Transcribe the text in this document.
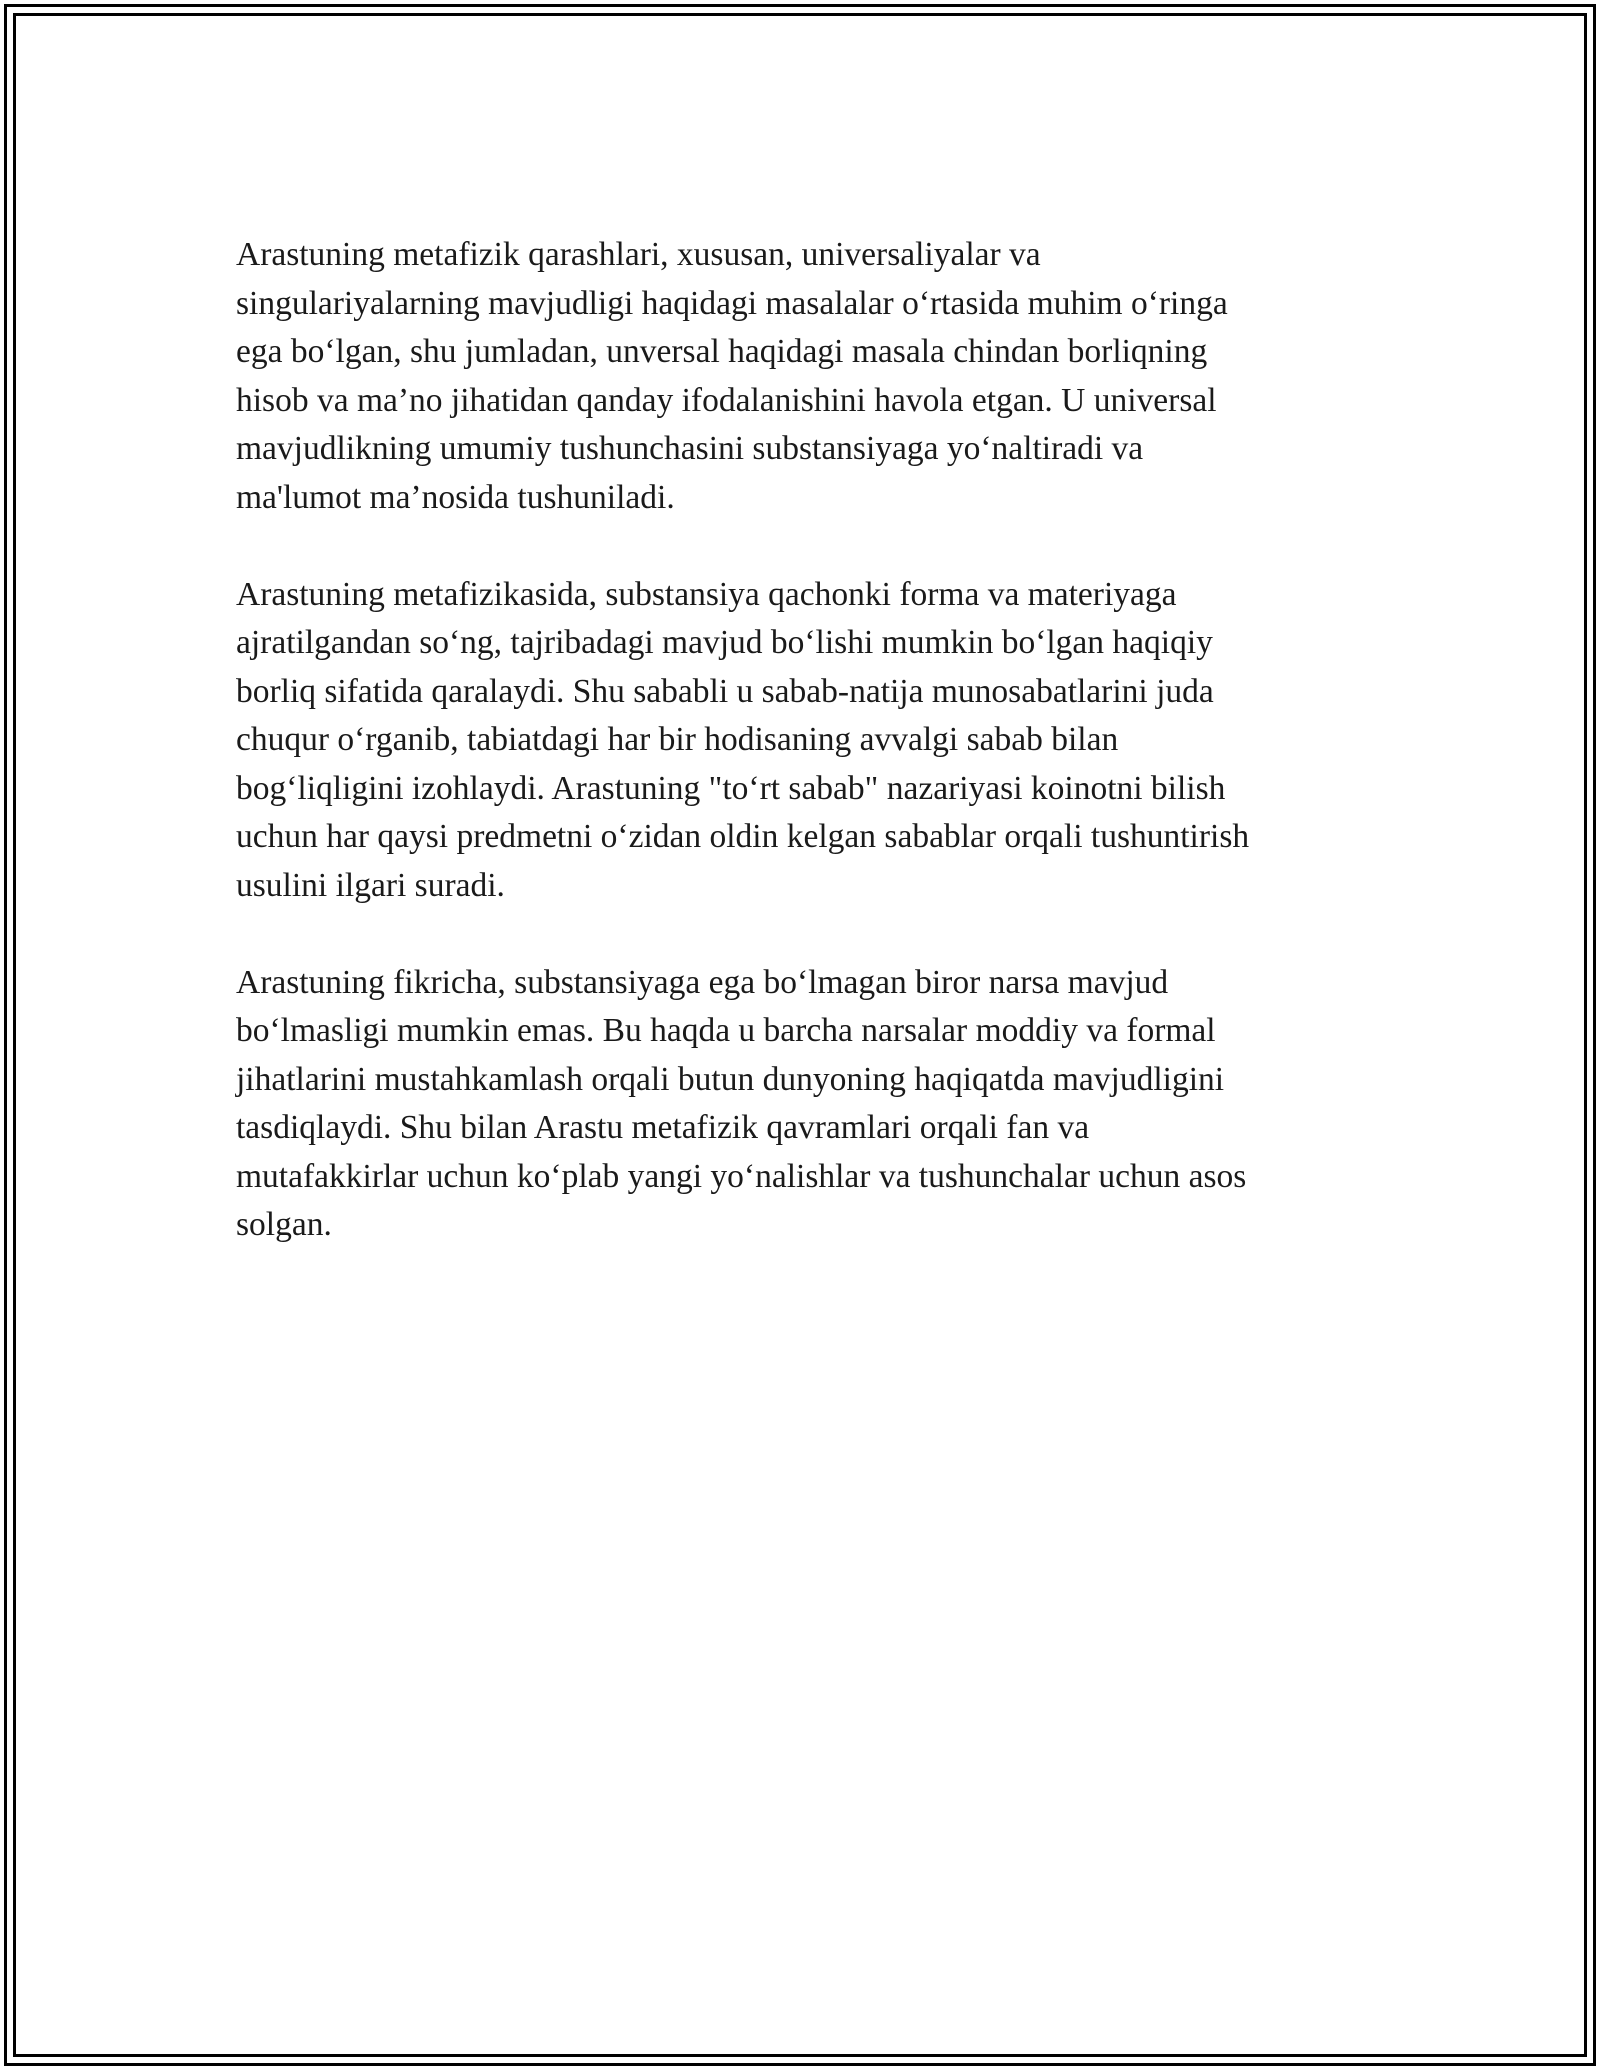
Arastuning metafizik qarashlari, xususan, universaliyalar va
singulariyalarning mavjudligi haqidagi masalalar o‘rtasida muhim o‘ringa
ega bo‘lgan, shu jumladan, unversal haqidagi masala chindan borliqning
hisob va ma’no jihatidan qanday ifodalanishini havola etgan. U universal
mavjudlikning umumiy tushunchasini substansiyaga yo‘naltiradi va
ma'lumot ma’nosida tushuniladi.

Arastuning metafizikasida, substansiya qachonki forma va materiyaga
ajratilgandan so‘ng, tajribadagi mavjud bo‘lishi mumkin bo‘lgan haqiqiy
borliq sifatida qaralaydi. Shu sababli u sabab-natija munosabatlarini juda
chuqur o‘rganib, tabiatdagi har bir hodisaning avvalgi sabab bilan
bog‘liqligini izohlaydi. Arastuning "to‘rt sabab" nazariyasi koinotni bilish
uchun har qaysi predmetni o‘zidan oldin kelgan sabablar orqali tushuntirish
usulini ilgari suradi.

Arastuning fikricha, substansiyaga ega bo‘lmagan biror narsa mavjud
bo‘lmasligi mumkin emas. Bu haqda u barcha narsalar moddiy va formal
jihatlarini mustahkamlash orqali butun dunyoning haqiqatda mavjudligini
tasdiqlaydi. Shu bilan Arastu metafizik qavramlari orqali fan va
mutafakkirlar uchun ko‘plab yangi yo‘nalishlar va tushunchalar uchun asos
solgan.
